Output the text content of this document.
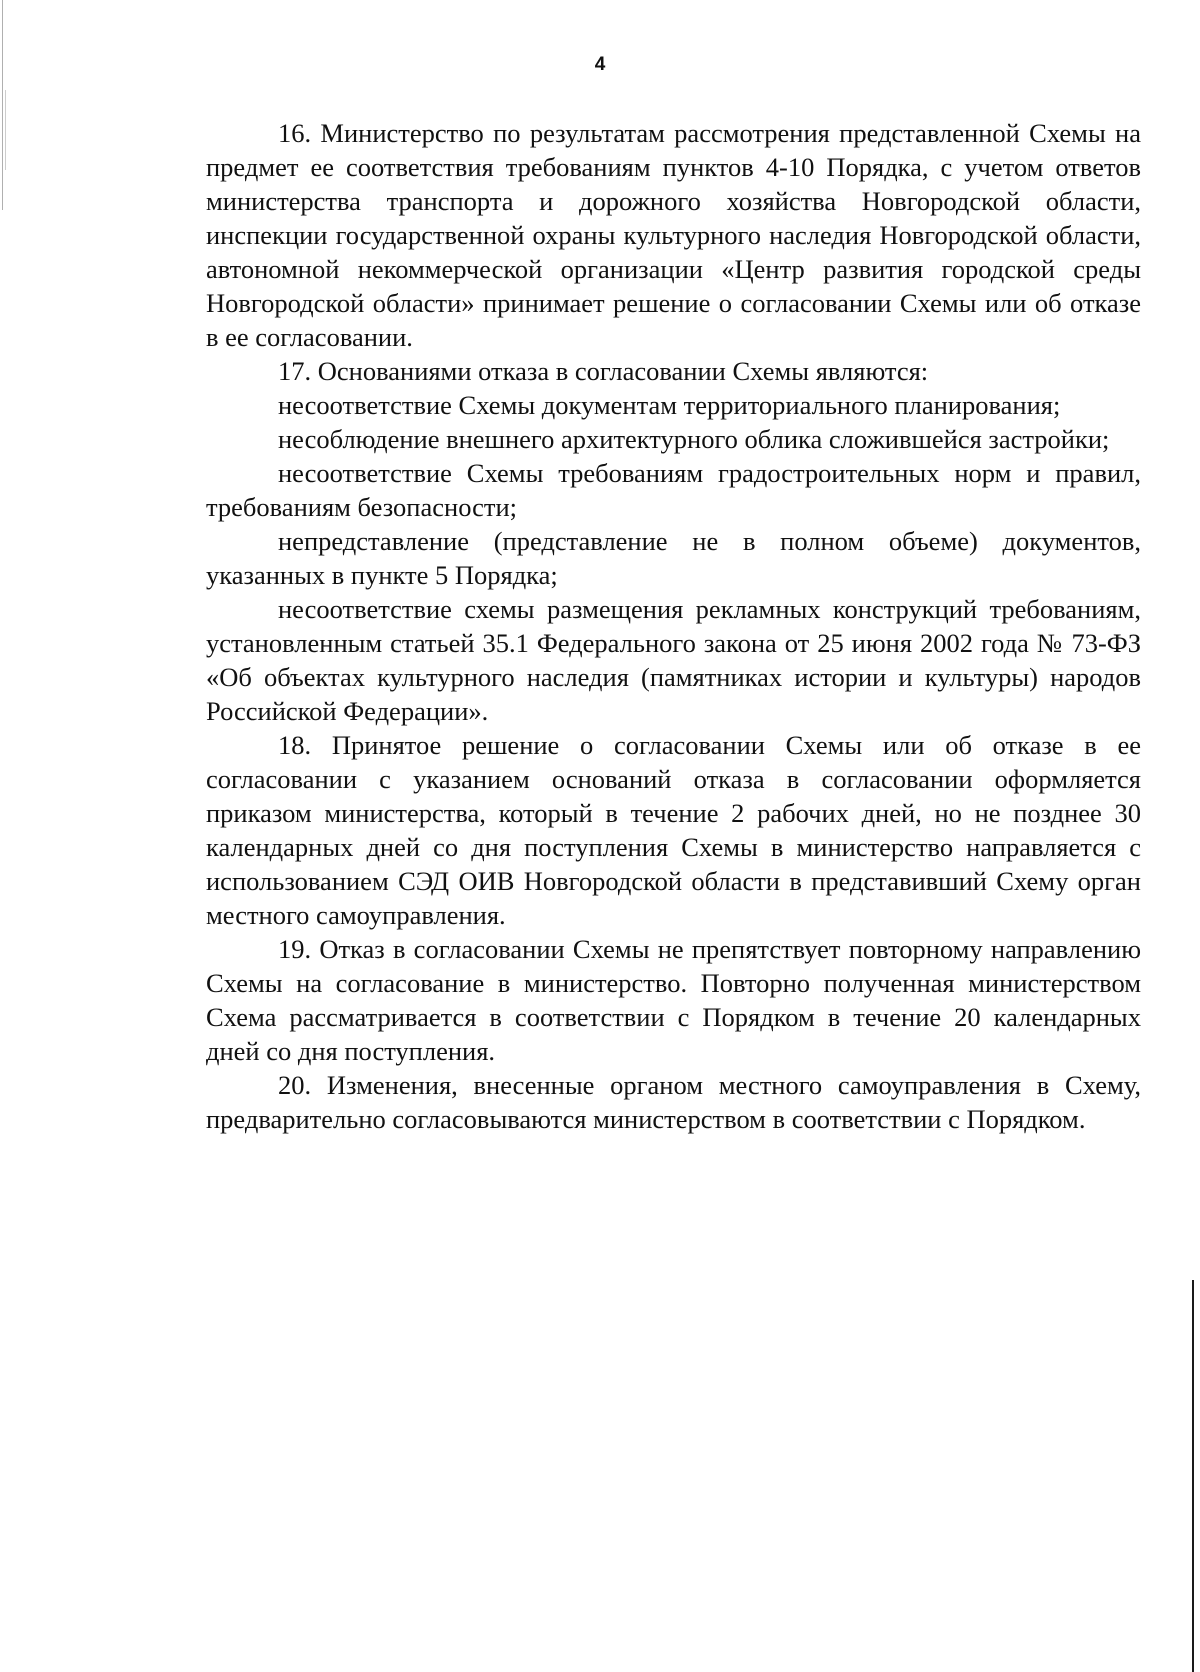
4

16. Министерство по результатам рассмотрения представленной Схемы на предмет ее соответствия требованиям пунктов 4-10 Порядка, с учетом ответов министерства транспорта и дорожного хозяйства Новгородской области, инспекции государственной охраны культурного наследия Новгородской области, автономной некоммерческой организации «Центр развития городской среды Новгородской области» принимает решение о согласовании Схемы или об отказе в ее согласовании.

17. Основаниями отказа в согласовании Схемы являются:

несоответствие Схемы документам территориального планирования;

несоблюдение внешнего архитектурного облика сложившейся застройки;

несоответствие Схемы требованиям градостроительных норм и правил, требованиям безопасности;

непредставление (представление не в полном объеме) документов, указанных в пункте 5 Порядка;

несоответствие схемы размещения рекламных конструкций требованиям, установленным статьей 35.1 Федерального закона от 25 июня 2002 года № 73-ФЗ «Об объектах культурного наследия (памятниках истории и культуры) народов Российской Федерации».

18. Принятое решение о согласовании Схемы или об отказе в ее согласовании с указанием оснований отказа в согласовании оформляется приказом министерства, который в течение 2 рабочих дней, но не позднее 30 календарных дней со дня поступления Схемы в министерство направляется с использованием СЭД ОИВ Новгородской области в представивший Схему орган местного самоуправления.

19. Отказ в согласовании Схемы не препятствует повторному направлению Схемы на согласование в министерство. Повторно полученная министерством Схема рассматривается в соответствии с Порядком в течение 20 календарных дней со дня поступления.

20. Изменения, внесенные органом местного самоуправления в Схему, предварительно согласовываются министерством в соответствии с Порядком.
